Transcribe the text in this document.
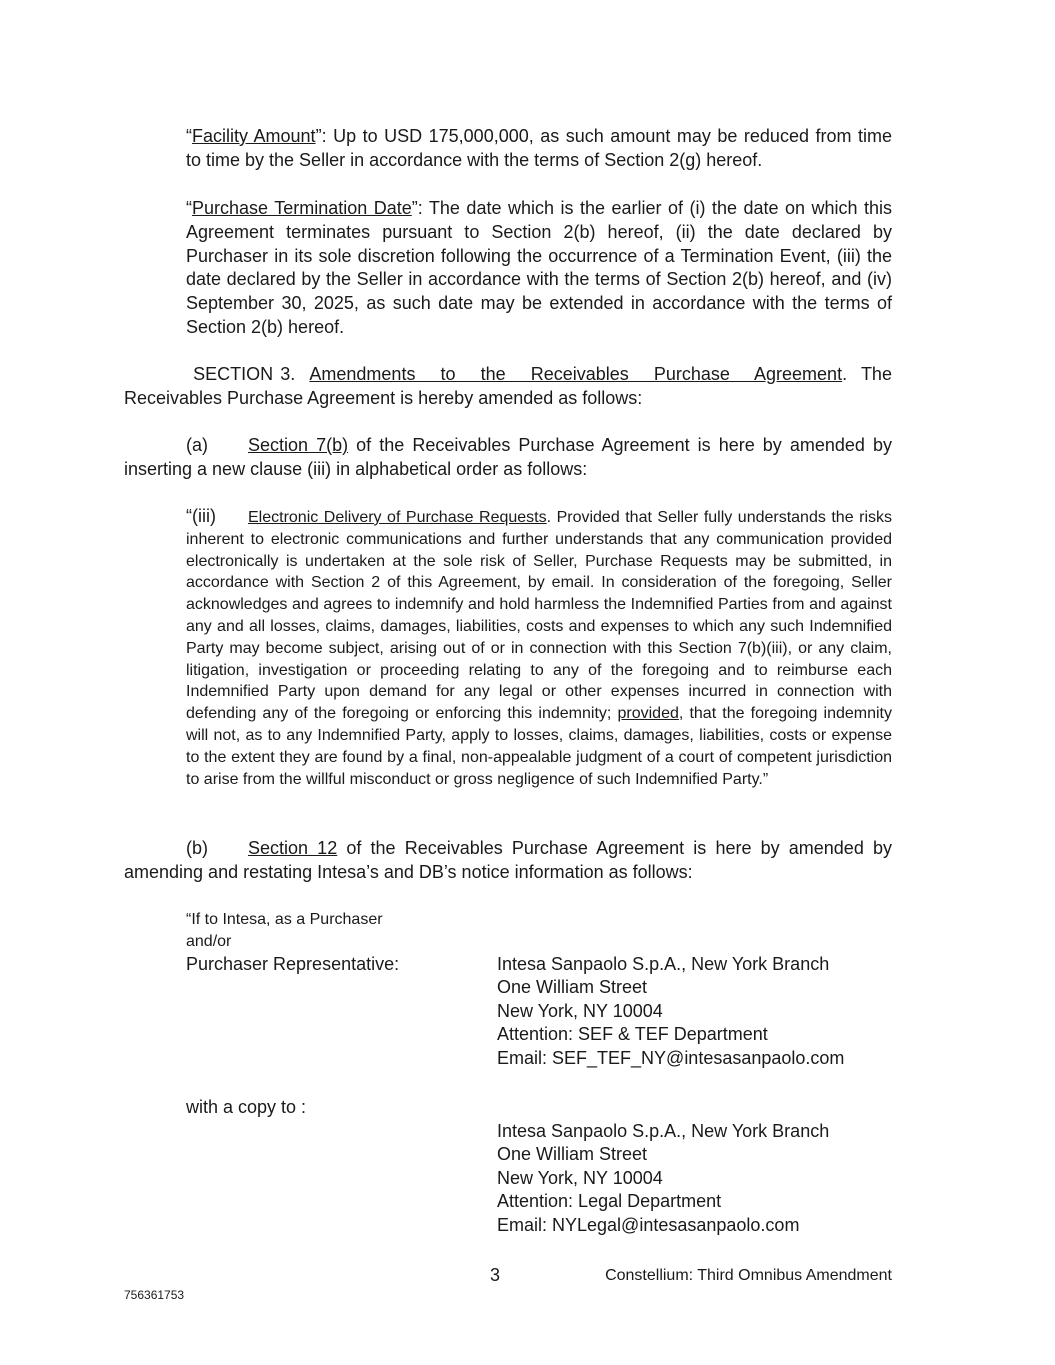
“Facility Amount”: Up to USD 175,000,000, as such amount may be reduced from time to time by the Seller in accordance with the terms of Section 2(g) hereof.
“Purchase Termination Date”: The date which is the earlier of (i) the date on which this Agreement terminates pursuant to Section 2(b) hereof, (ii) the date declared by Purchaser in its sole discretion following the occurrence of a Termination Event, (iii) the date declared by the Seller in accordance with the terms of Section 2(b) hereof, and (iv) September 30, 2025, as such date may be extended in accordance with the terms of Section 2(b) hereof.
SECTION 3. Amendments to the Receivables Purchase Agreement.  The Receivables Purchase Agreement is hereby amended as follows:
(a) Section 7(b) of the Receivables Purchase Agreement is here by amended by inserting a new clause (iii) in alphabetical order as follows:
“(iii) Electronic Delivery of Purchase Requests. Provided that Seller fully understands the risks inherent to electronic communications and further understands that any communication provided electronically is undertaken at the sole risk of Seller, Purchase Requests may be submitted, in accordance with Section 2 of this Agreement, by email. In consideration of the foregoing, Seller acknowledges and agrees to indemnify and hold harmless the Indemnified Parties from and against any and all losses, claims, damages, liabilities, costs and expenses to which any such Indemnified Party may become subject, arising out of or in connection with this Section 7(b)(iii), or any claim, litigation, investigation or proceeding relating to any of the foregoing and to reimburse each Indemnified Party upon demand for any legal or other expenses incurred in connection with defending any of the foregoing or enforcing this indemnity; provided, that the foregoing indemnity will not, as to any Indemnified Party, apply to losses, claims, damages, liabilities, costs or expense to the extent they are found by a final, non-appealable judgment of a court of competent jurisdiction to arise from the willful misconduct or gross negligence of such Indemnified Party.”
(b) Section 12 of the Receivables Purchase Agreement is here by amended by amending and restating Intesa’s and DB’s notice information as follows:
“If to Intesa, as a Purchaser
and/or
Purchaser Representative:	Intesa Sanpaolo S.p.A., New York Branch
One William Street
New York, NY 10004
Attention: SEF & TEF Department
Email: SEF_TEF_NY@intesasanpaolo.com
with a copy to :
Intesa Sanpaolo S.p.A., New York Branch
One William Street
New York, NY 10004
Attention: Legal Department
Email: NYLegal@intesasanpaolo.com
3	Constellium: Third Omnibus Amendment
756361753
